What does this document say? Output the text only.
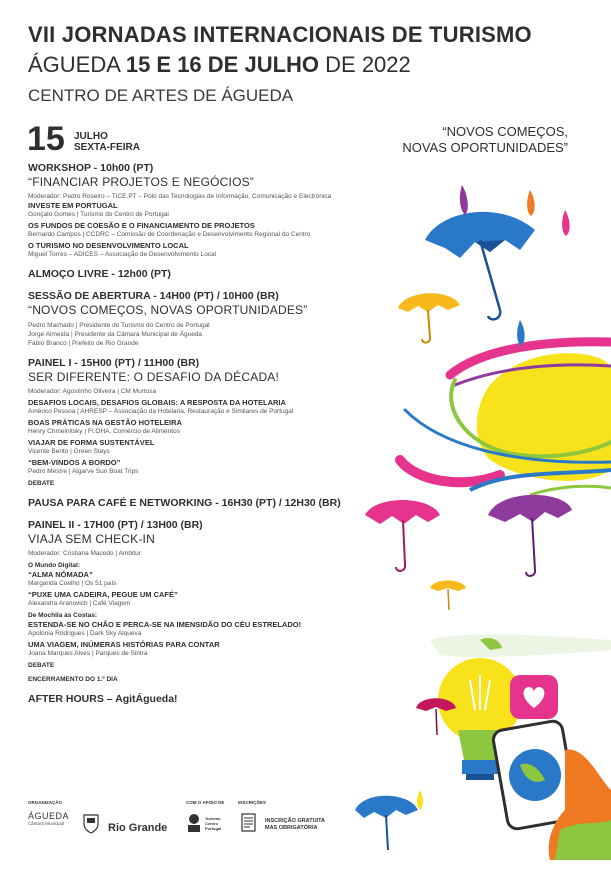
VII JORNADAS INTERNACIONAIS DE TURISMO
ÁGUEDA 15 E 16 DE JULHO DE 2022
CENTRO DE ARTES DE ÁGUEDA
15 JULHO
SEXTA-FEIRA
“NOVOS COMEÇOS,
NOVAS OPORTUNIDADES”
WORKSHOP - 10h00 (PT)
“FINANCIAR PROJETOS E NEGÓCIOS”
Moderador: Pedro Roseiro – TICE.PT – Pólo das Tecnologias de Informação, Comunicação e Electrónica
INVESTE EM PORTUGAL
Gonçalo Gomes | Turismo do Centro de Portugal
OS FUNDOS DE COESÃO E O FINANCIAMENTO DE PROJETOS
Bernardo Campos | CCDRC – Comissão de Coordenação e Desenvolvimento Regional do Centro
O TURISMO NO DESENVOLVIMENTO LOCAL
Miguel Torres – ADICES – Associação de Desenvolvimento Local
ALMOÇO LIVRE - 12h00 (PT)
SESSÃO DE ABERTURA - 14H00 (PT) / 10H00 (BR)
“NOVOS COMEÇOS, NOVAS OPORTUNIDADES”
Pedro Machado | Presidente do Turismo do Centro de Portugal
Jorge Almeida | Presidente da Câmara Municipal de Águeda
Fábio Branco | Prefeito de Rio Grande
PAINEL I - 15H00 (PT) / 11H00 (BR)
SER DIFERENTE: O DESAFIO DA DÉCADA!
Moderador: Agostinho Oliveira | CM Murtosa
DESAFIOS LOCAIS, DESAFIOS GLOBAIS: A RESPOSTA DA HOTELARIA
Américo Pessoa | AHRESP – Associação da Hotelaria, Restauração e Similares de Portugal
BOAS PRÁTICAS NA GESTÃO HOTELEIRA
Henry Chmelnitsky | FI.OHA, Comércio de Alimentos
VIAJAR DE FORMA SUSTENTÁVEL
Vicente Bento | Green Stays
“BEM-VINDOS A BORDO”
Pedro Mestre | Algarve Sun Boat Trips
DEBATE
PAUSA PARA CAFÉ E NETWORKING - 16H30 (PT) / 12H30 (BR)
PAINEL II - 17H00 (PT) / 13H00 (BR)
VIAJA SEM CHECK-IN
Moderador: Cristiana Macedo | Ambitur
O Mundo Digital:
“ALMA NÓMADA”
Margarida Coelho | Os 51 país
“PUXE UMA CADEIRA, PEGUE UM CAFÉ”
Alexandra Aranovich | Café Viagem
De Mochila às Costas:
ESTENDA-SE NO CHÃO E PERCA-SE NA IMENSIDÃO DO CÉU ESTRELADO!
Apolónia Rodrigues | Dark Sky Alqueva
UMA VIAGEM, INÚMERAS HISTÓRIAS PARA CONTAR
Joana Marques Alves | Parques de Sintra
DEBATE
ENCERRAMENTO DO 1.º DIA
AFTER HOURS – AgitÁgueda!
ORGANIZAÇÃO	COM O APOIO DE	INSCRIÇÕES
ÁGUEDA
Câmara Municipal	Rio Grande
Turismo Centro Portugal
INSCRIÇÃO GRATUITA
MAS OBRIGATÓRIA
